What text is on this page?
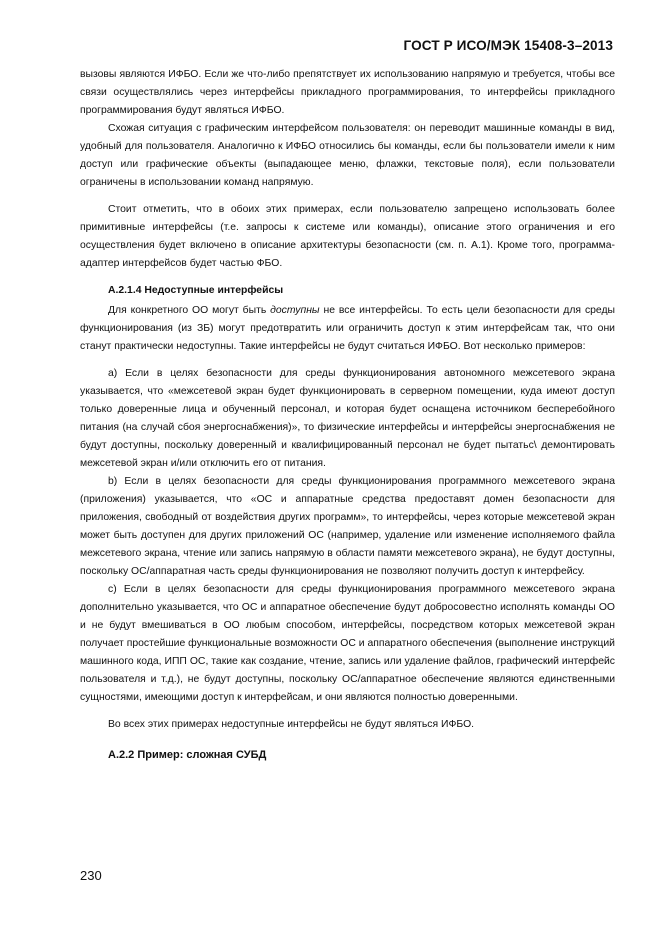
ГОСТ Р ИСО/МЭК 15408-3–2013

вызовы являются ИФБО. Если же что-либо препятствует их использованию напрямую и требуется, чтобы все связи осуществлялись через интерфейсы прикладного программирования, то интерфейсы прикладного программирования будут являться ИФБО.

Схожая ситуация с графическим интерфейсом пользователя: он переводит машинные команды в вид, удобный для пользователя. Аналогично к ИФБО относились бы команды, если бы пользователи имели к ним доступ или графические объекты (выпадающее меню, флажки, текстовые поля), если пользователи ограничены в использовании команд напрямую.

Стоит отметить, что в обоих этих примерах, если пользователю запрещено использовать более примитивные интерфейсы (т.е. запросы к системе или команды), описание этого ограничения и его осуществления будет включено в описание архитектуры безопасности (см. п. А.1). Кроме того, программа-адаптер интерфейсов будет частью ФБО.

А.2.1.4 Недоступные интерфейсы

Для конкретного ОО могут быть доступны не все интерфейсы. То есть цели безопасности для среды функционирования (из ЗБ) могут предотвратить или ограничить доступ к этим интерфейсам так, что они станут практически недоступны. Такие интерфейсы не будут считаться ИФБО. Вот несколько примеров:

a) Если в целях безопасности для среды функционирования автономного межсетевого экрана указывается, что «межсетевой экран будет функционировать в серверном помещении, куда имеют доступ только доверенные лица и обученный персонал, и которая будет оснащена источником бесперебойного питания (на случай сбоя энергоснабжения)», то физические интерфейсы и интерфейсы энергоснабжения не будут доступны, поскольку доверенный и квалифицированный персонал не будет пытатьс\ демонтировать межсетевой экран и/или отключить его от питания.

b) Если в целях безопасности для среды функционирования программного межсетевого экрана (приложения) указывается, что «ОС и аппаратные средства предоставят домен безопасности для приложения, свободный от воздействия других программ», то интерфейсы, через которые межсетевой экран может быть доступен для других приложений ОС (например, удаление или изменение исполняемого файла межсетевого экрана, чтение или запись напрямую в области памяти межсетевого экрана), не будут доступны, поскольку ОС/аппаратная часть среды функционирования не позволяют получить доступ к интерфейсу.

c) Если в целях безопасности для среды функционирования программного межсетевого экрана дополнительно указывается, что ОС и аппаратное обеспечение будут добросовестно исполнять команды ОО и не будут вмешиваться в ОО любым способом, интерфейсы, посредством которых межсетевой экран получает простейшие функциональные возможности ОС и аппаратного обеспечения (выполнение инструкций машинного кода, ИПП ОС, такие как создание, чтение, запись или удаление файлов, графический интерфейс пользователя и т.д.), не будут доступны, поскольку ОС/аппаратное обеспечение являются единственными сущностями, имеющими доступ к интерфейсам, и они являются полностью доверенными.

Во всех этих примерах недоступные интерфейсы не будут являться ИФБО.

А.2.2 Пример: сложная СУБД

230
